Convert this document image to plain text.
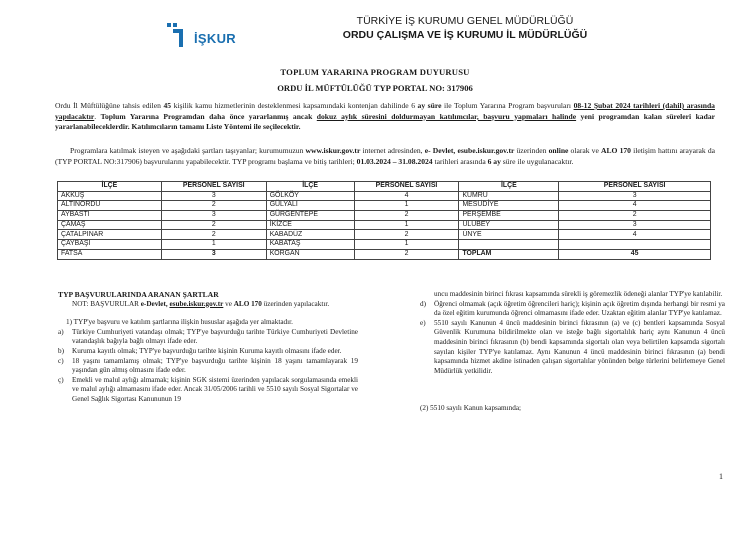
İŞKUR
TÜRKİYE İŞ KURUMU GENEL MÜDÜRLÜĞÜ
ORDU ÇALIŞMA VE İŞ KURUMU İL MÜDÜRLÜĞÜ
TOPLUM YARARINA PROGRAM DUYURUSU
ORDU İL MÜFTÜLÜĞÜ TYP PORTAL NO: 317906
Ordu İl Müftülüğüne tahsis edilen 45 kişilik kamu hizmetlerinin desteklenmesi kapsamındaki kontenjan dahilinde 6 ay süre ile Toplum Yararına Program başvuruları 08-12 Şubat 2024 tarihleri (dahil) arasında yapılacaktır. Toplum Yararına Programdan daha önce yararlanmış ancak dokuz aylık süresini doldurmayan katılımcılar, başvuru yapmaları halinde yeni programdan kalan süreleri kadar yararlanabileceklerdir. Katılımcıların tamamı Liste Yöntemi ile seçilecektir.
Programlara katılmak isteyen ve aşağıdaki şartları taşıyanlar; kurumumuzun www.iskur.gov.tr internet adresinden, e- Devlet, esube.iskur.gov.tr üzerinden online olarak ve ALO 170 iletişim hattını arayarak da (TYP PORTAL NO:317906) başvurularını yapabilecektir. TYP programı başlama ve bitiş tarihleri; 01.03.2024 – 31.08.2024 tarihleri arasında 6 ay süre ile uygulanacaktır.
İLÇE	PERSONEL SAYISI	İLÇE	PERSONEL SAYISI	İLÇE	PERSONEL SAYISI
AKKUŞ	3	GÖLKÖY	4	KUMRU	3
ALTINORDU	2	GÜLYALI	1	MESUDİYE	4
AYBASTI	3	GÜRGENTEPE	2	PERŞEMBE	2
ÇAMAŞ	2	İKİZCE	1	ULUBEY	3
ÇATALPINAR	2	KABADÜZ	2	ÜNYE	4
ÇAYBAŞI	1	KABATAŞ	1		
FATSA	3	KORGAN	2	TOPLAM	45
TYP BAŞVURULARINDA ARANAN ŞARTLAR
NOT: BAŞVURULAR e-Devlet, esube.iskur.gov.tr ve ALO 170 üzerinden yapılacaktır.
1) TYP'ye başvuru ve katılım şartlarına ilişkin hususlar aşağıda yer almaktadır.
a) Türkiye Cumhuriyeti vatandaşı olmak; TYP'ye başvurduğu tarihte Türkiye Cumhuriyeti Devletine vatandaşlık bağıyla bağlı olmayı ifade eder.
b) Kuruma kayıtlı olmak; TYP'ye başvurduğu tarihte kişinin Kuruma kayıtlı olmasını ifade eder.
c) 18 yaşını tamamlamış olmak; TYP'ye başvurduğu tarihte kişinin 18 yaşını tamamlayarak 19 yaşından gün almış olmasını ifade eder.
ç) Emekli ve malul aylığı almamak; kişinin SGK sistemi üzerinden yapılacak sorgulamasında emekli ve malul aylığı almamasını ifade eder. Ancak 31/05/2006 tarihli ve 5510 sayılı Sosyal Sigortalar ve Genel Sağlık Sigortası Kanununun 19
uncu maddesinin birinci fıkrası kapsamında sürekli iş göremezlik ödeneği alanlar TYP'ye katılabilir.
d) Öğrenci olmamak (açık öğretim öğrencileri hariç); kişinin açık öğretim dışında herhangi bir resmi ya da özel eğitim kurumunda öğrenci olmamasını ifade eder. Uzaktan eğitim alanlar TYP'ye katılamaz.
e) 5510 sayılı Kanunun 4 üncü maddesinin birinci fıkrasının (a) ve (c) bentleri kapsamında Sosyal Güvenlik Kurumuna bildirilmekte olan ve isteğe bağlı sigortalılık hariç aynı Kanunun 4 üncü maddesinin birinci fıkrasının (b) bendi kapsamında sigortalı olan veya belirtilen kapsamda sigortalı sayılan kişiler TYP'ye katılamaz. Aynı Kanunun 4 üncü maddesinin birinci fıkrasının (a) bendi kapsamında hizmet akdine istinaden çalışan sigortalılar yönünden belge türlerini belirlemeye Genel Müdürlük yetkilidir.
(2) 5510 sayılı Kanun kapsamında;
1
